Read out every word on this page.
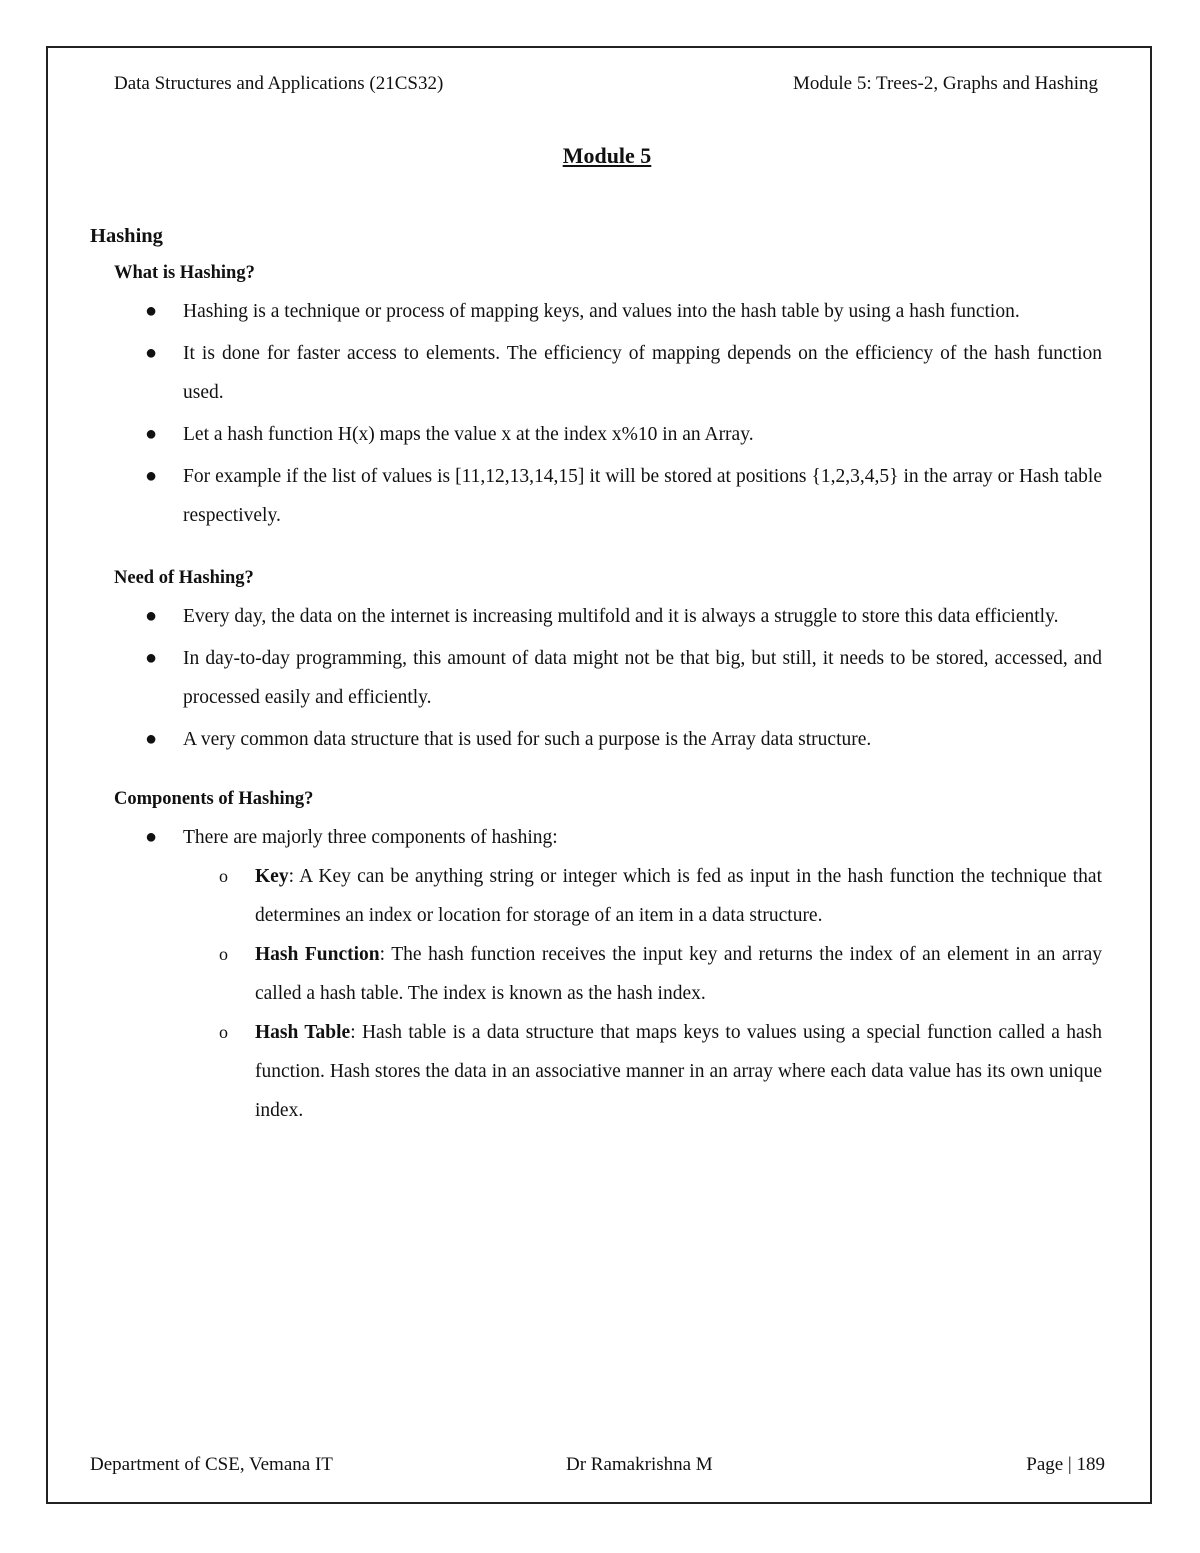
Data Structures and Applications (21CS32)	Module 5: Trees-2, Graphs and Hashing
Module 5
Hashing
What is Hashing?
● Hashing is a technique or process of mapping keys, and values into the hash table by using a hash function.
● It is done for faster access to elements. The efficiency of mapping depends on the efficiency of the hash function used.
● Let a hash function H(x) maps the value x at the index x%10 in an Array.
● For example if the list of values is [11,12,13,14,15] it will be stored at positions {1,2,3,4,5} in the array or Hash table respectively.
Need of Hashing?
● Every day, the data on the internet is increasing multifold and it is always a struggle to store this data efficiently.
● In day-to-day programming, this amount of data might not be that big, but still, it needs to be stored, accessed, and processed easily and efficiently.
● A very common data structure that is used for such a purpose is the Array data structure.
Components of Hashing?
● There are majorly three components of hashing:
o Key: A Key can be anything string or integer which is fed as input in the hash function the technique that determines an index or location for storage of an item in a data structure.
o Hash Function: The hash function receives the input key and returns the index of an element in an array called a hash table. The index is known as the hash index.
o Hash Table: Hash table is a data structure that maps keys to values using a special function called a hash function. Hash stores the data in an associative manner in an array where each data value has its own unique index.
Department of CSE, Vemana IT	Dr Ramakrishna M	Page | 189
